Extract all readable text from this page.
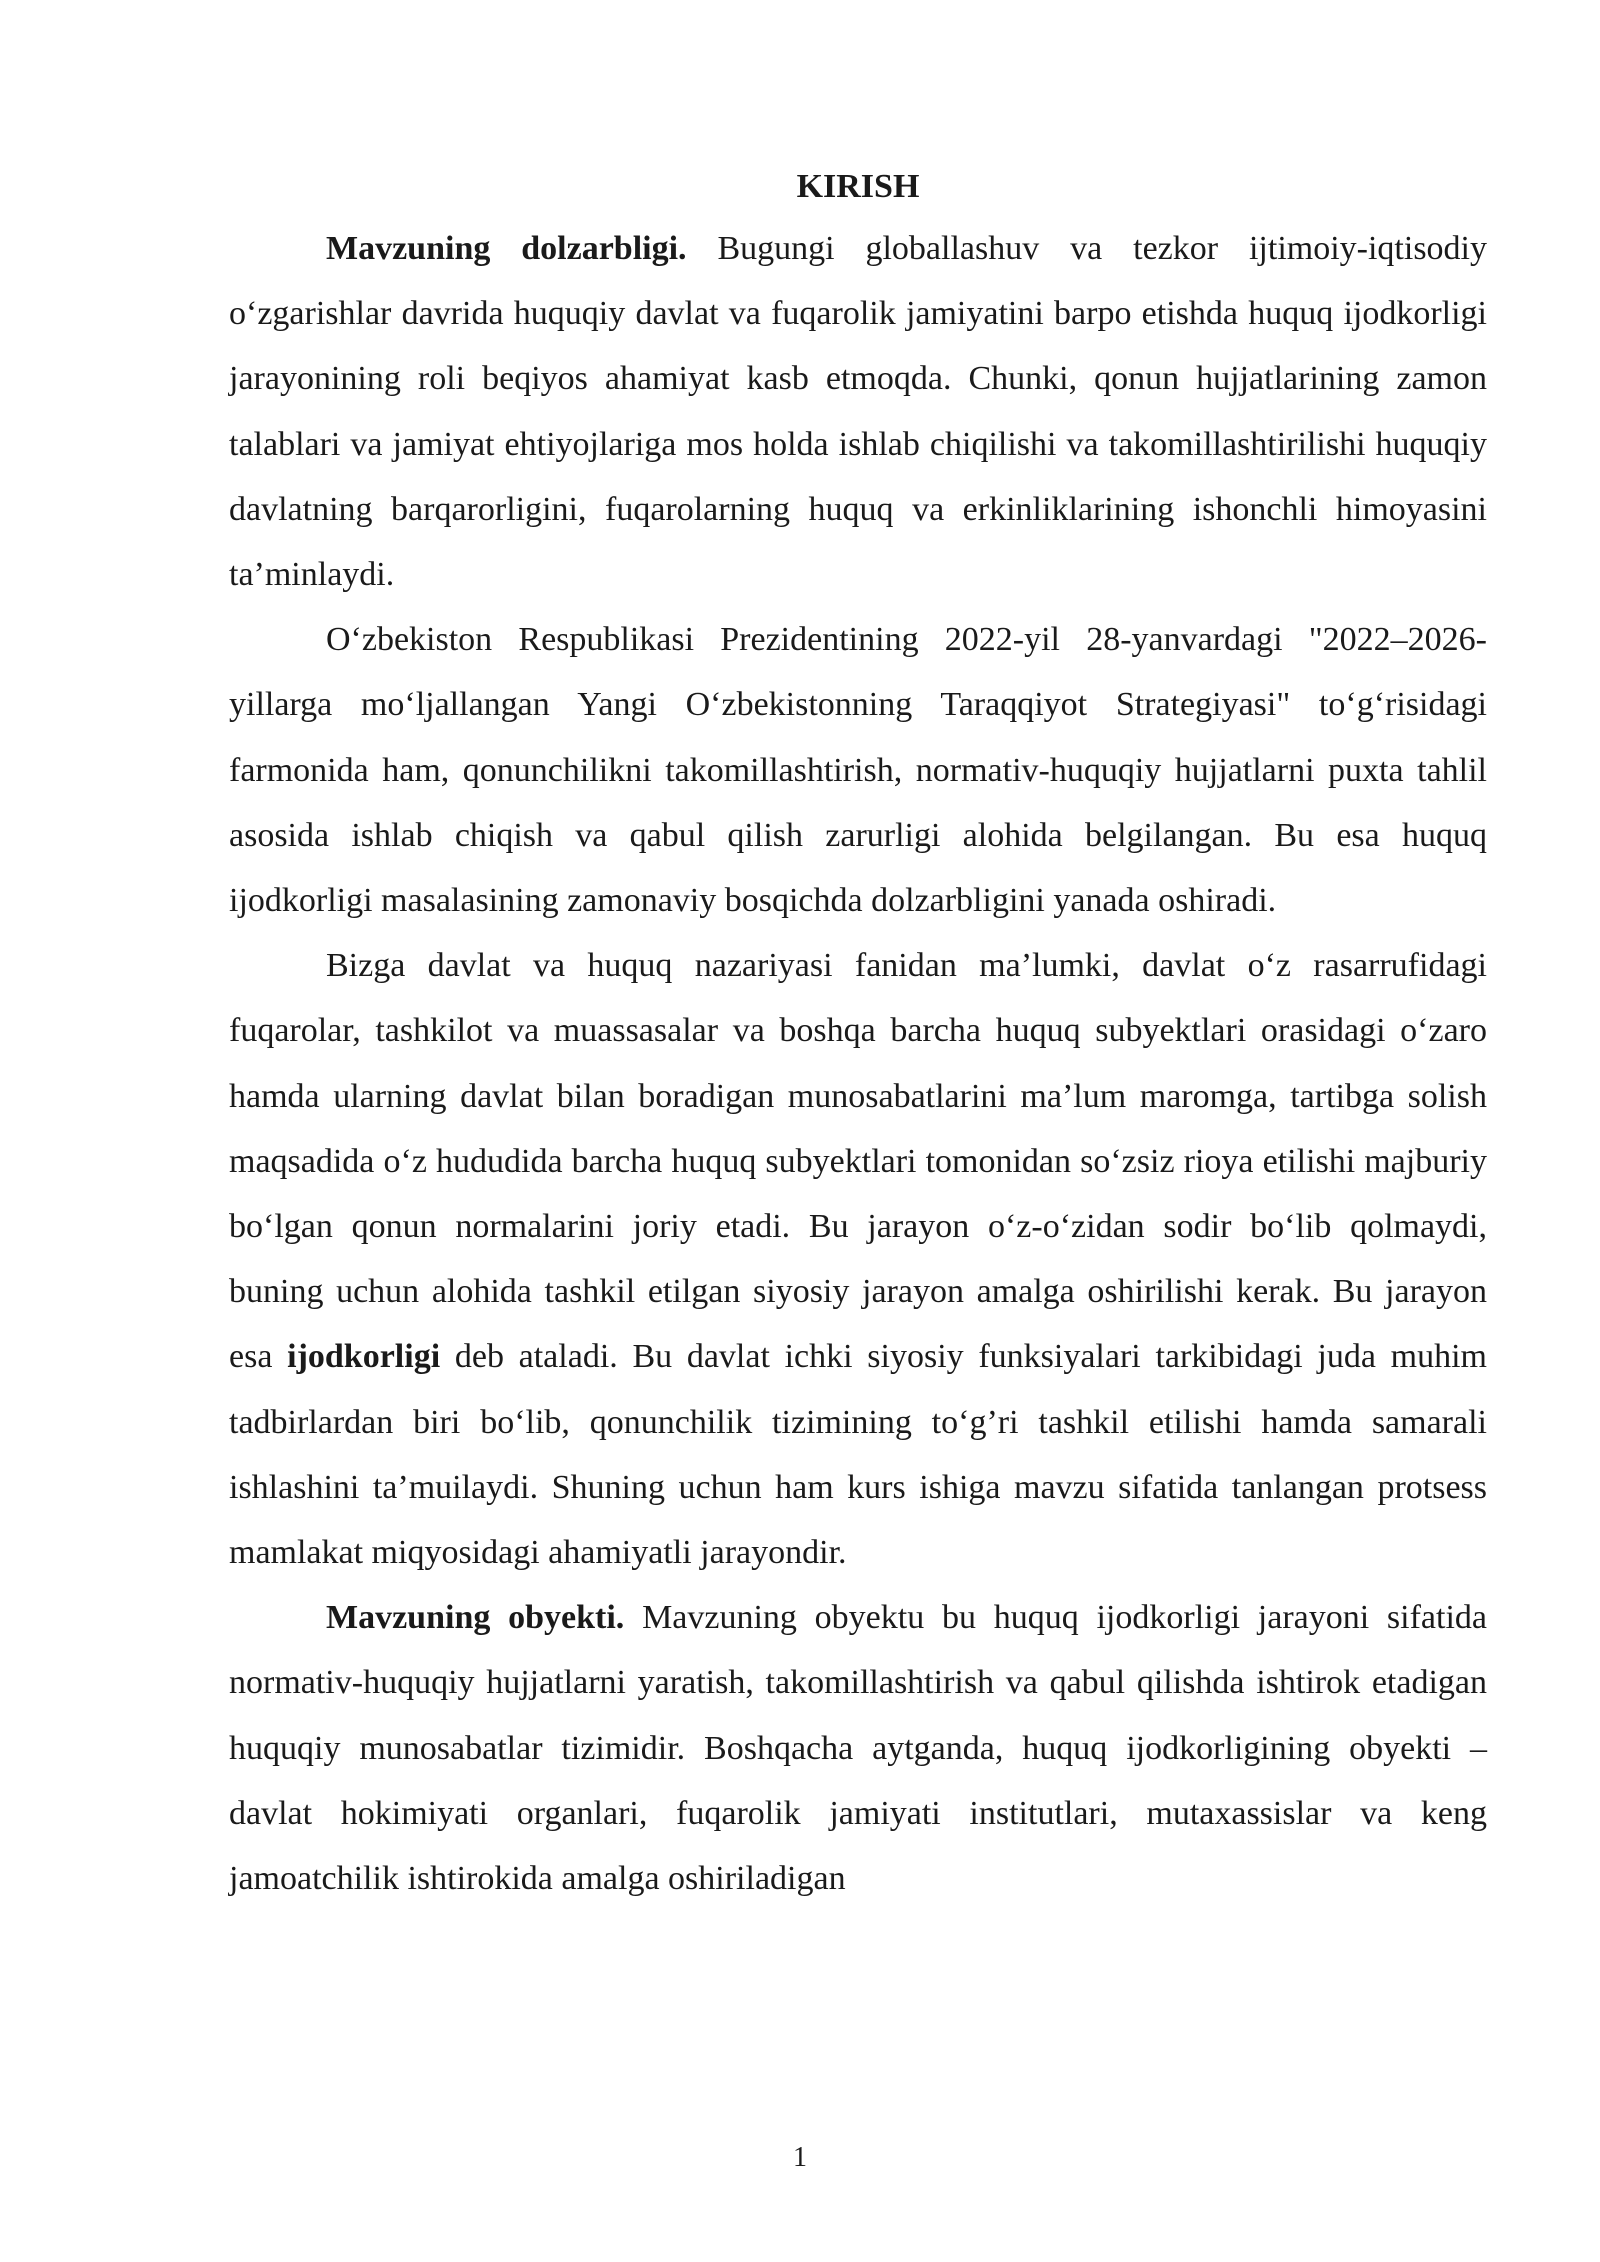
KIRISH

Mavzuning dolzarbligi. Bugungi globallashuv va tezkor ijtimoiy-iqtisodiy o‘zgarishlar davrida huquqiy davlat va fuqarolik jamiyatini barpo etishda huquq ijodkorligi jarayonining roli beqiyos ahamiyat kasb etmoqda. Chunki, qonun hujjatlarining zamon talablari va jamiyat ehtiyojlariga mos holda ishlab chiqilishi va takomillashtirilishi huquqiy davlatning barqarorligini, fuqarolarning huquq va erkinliklarining ishonchli himoyasini ta’minlaydi.

O‘zbekiston Respublikasi Prezidentining 2022-yil 28-yanvardagi "2022–2026-yillarga mo‘ljallangan Yangi O‘zbekistonning Taraqqiyot Strategiyasi" to‘g‘risidagi farmonida ham, qonunchilikni takomillashtirish, normativ-huquqiy hujjatlarni puxta tahlil asosida ishlab chiqish va qabul qilish zarurligi alohida belgilangan. Bu esa huquq ijodkorligi masalasining zamonaviy bosqichda dolzarbligini yanada oshiradi.

Bizga davlat va huquq nazariyasi fanidan ma’lumki, davlat o‘z rasarrufidagi fuqarolar, tashkilot va muassasalar va boshqa barcha huquq subyektlari orasidagi o‘zaro hamda ularning davlat bilan boradigan munosabatlarini ma’lum maromga, tartibga solish maqsadida o‘z hududida barcha huquq subyektlari tomonidan so‘zsiz rioya etilishi majburiy bo‘lgan qonun normalarini joriy etadi. Bu jarayon o‘z-o‘zidan sodir bo‘lib qolmaydi, buning uchun alohida tashkil etilgan siyosiy jarayon amalga oshirilishi kerak. Bu jarayon esa ijodkorligi deb ataladi. Bu davlat ichki siyosiy funksiyalari tarkibidagi juda muhim tadbirlardan biri bo‘lib, qonunchilik tizimining to‘g’ri tashkil etilishi hamda samarali ishlashini ta’muilaydi. Shuning uchun ham kurs ishiga mavzu sifatida tanlangan protsess mamlakat miqyosidagi ahamiyatli jarayondir.

Mavzuning obyekti. Mavzuning obyektu bu huquq ijodkorligi jarayoni sifatida normativ-huquqiy hujjatlarni yaratish, takomillashtirish va qabul qilishda ishtirok etadigan huquqiy munosabatlar tizimidir. Boshqacha aytganda, huquq ijodkorligining obyekti – davlat hokimiyati organlari, fuqarolik jamiyati institutlari, mutaxassislar va keng jamoatchilik ishtirokida amalga oshiriladigan

1
